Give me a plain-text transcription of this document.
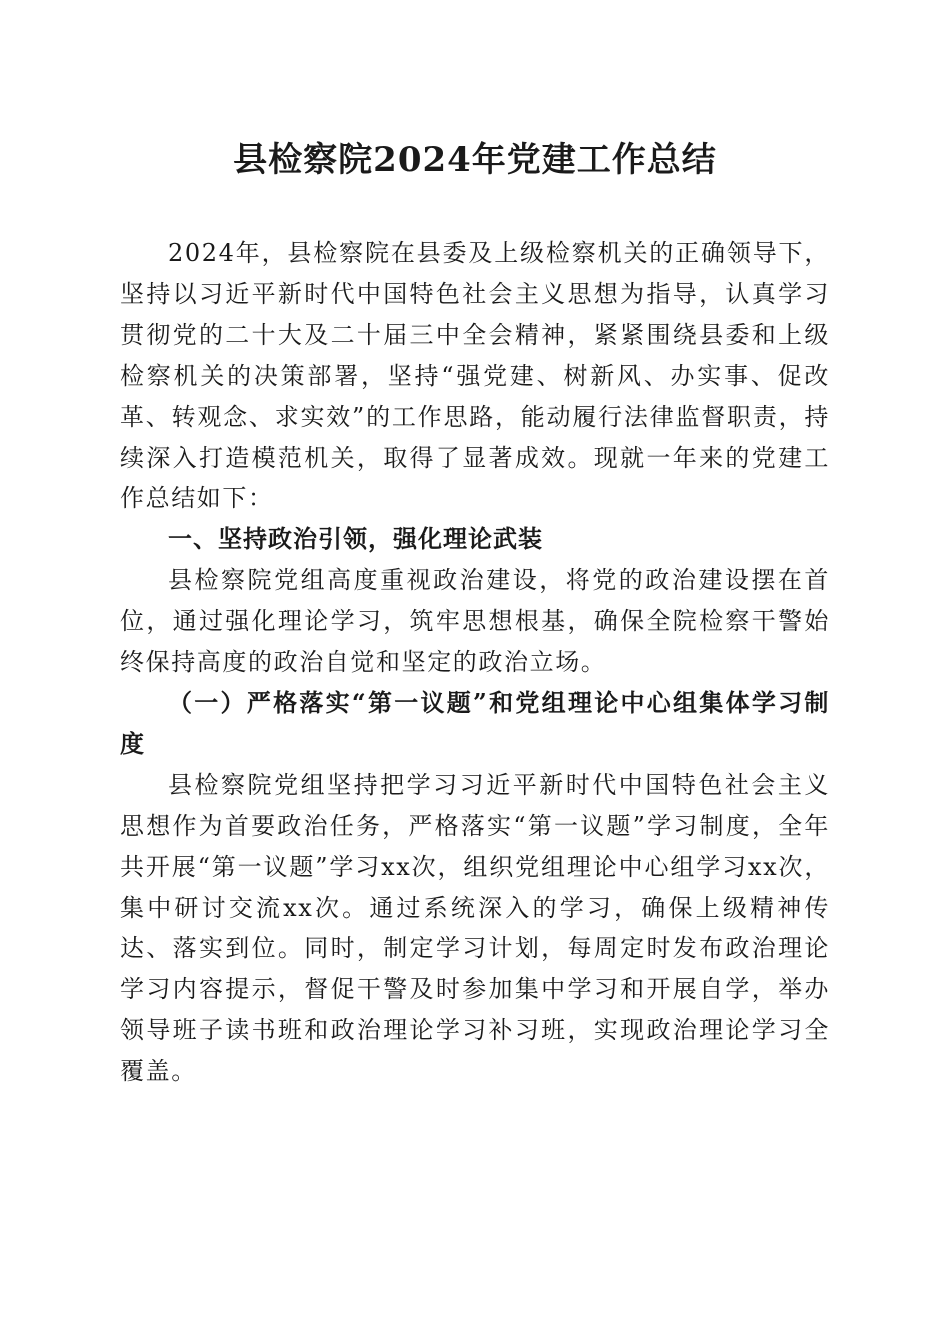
县检察院2024年党建工作总结

2024年，县检察院在县委及上级检察机关的正确领导下，坚持以习近平新时代中国特色社会主义思想为指导，认真学习贯彻党的二十大及二十届三中全会精神，紧紧围绕县委和上级检察机关的决策部署，坚持“强党建、树新风、办实事、促改革、转观念、求实效”的工作思路，能动履行法律监督职责，持续深入打造模范机关，取得了显著成效。现就一年来的党建工作总结如下：

一、坚持政治引领，强化理论武装

县检察院党组高度重视政治建设，将党的政治建设摆在首位，通过强化理论学习，筑牢思想根基，确保全院检察干警始终保持高度的政治自觉和坚定的政治立场。

（一）严格落实“第一议题”和党组理论中心组集体学习制度

县检察院党组坚持把学习习近平新时代中国特色社会主义思想作为首要政治任务，严格落实“第一议题”学习制度，全年共开展“第一议题”学习xx次，组织党组理论中心组学习xx次，集中研讨交流xx次。通过系统深入的学习，确保上级精神传达、落实到位。同时，制定学习计划，每周定时发布政治理论学习内容提示，督促干警及时参加集中学习和开展自学，举办领导班子读书班和政治理论学习补习班，实现政治理论学习全覆盖。
